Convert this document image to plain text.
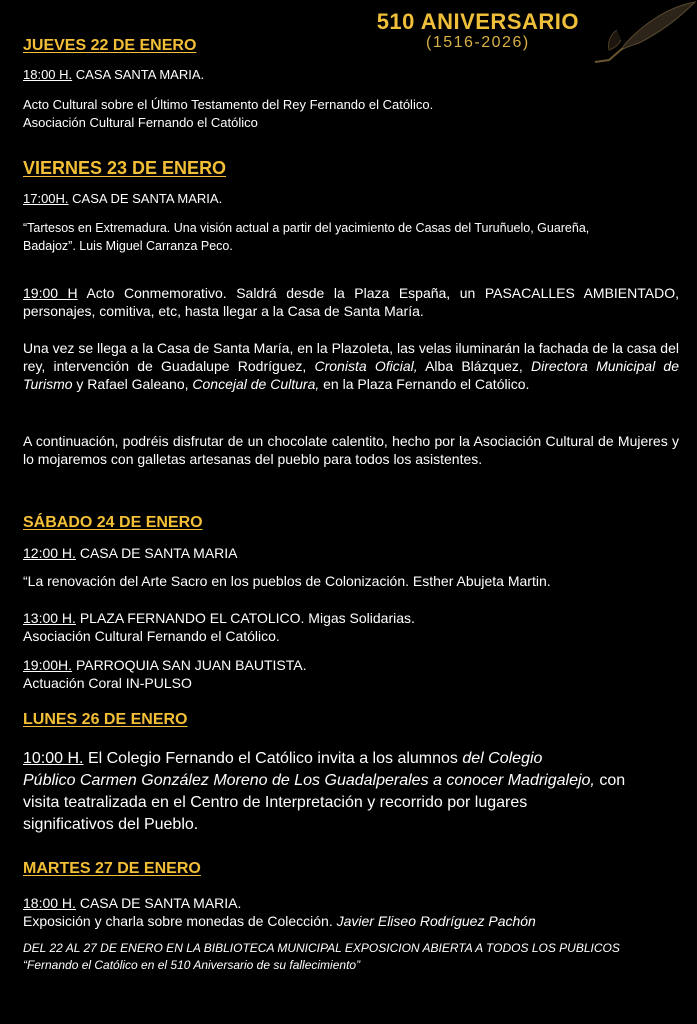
510 ANIVERSARIO
(1516-2026)
JUEVES 22 DE ENERO
18:00 H. CASA SANTA MARIA.
Acto Cultural sobre el Último Testamento del Rey Fernando el Católico.
Asociación Cultural Fernando el Católico
VIERNES 23 DE ENERO
17:00H. CASA DE SANTA MARIA.
“Tartesos en Extremadura. Una visión actual a partir del yacimiento de Casas del Turuñuelo, Guareña,
Badajoz”. Luis Miguel Carranza Peco.
19:00 H Acto Conmemorativo. Saldrá desde la Plaza España, un PASACALLES AMBIENTADO, personajes, comitiva, etc, hasta llegar a la Casa de Santa María.
Una vez se llega a la Casa de Santa María, en la Plazoleta, las velas iluminarán la fachada de la casa del rey, intervención de Guadalupe Rodríguez, Cronista Oficial, Alba Blázquez, Directora Municipal de Turismo y Rafael Galeano, Concejal de Cultura, en la Plaza Fernando el Católico.
A continuación, podréis disfrutar de un chocolate calentito, hecho por la Asociación Cultural de Mujeres y lo mojaremos con galletas artesanas del pueblo para todos los asistentes.
SÁBADO 24 DE ENERO
12:00 H. CASA DE SANTA MARIA
“La renovación del Arte Sacro en los pueblos de Colonización. Esther Abujeta Martin.
13:00 H. PLAZA FERNANDO EL CATOLICO. Migas Solidarias.
Asociación Cultural Fernando el Católico.
19:00H. PARROQUIA SAN JUAN BAUTISTA.
Actuación Coral IN-PULSO
LUNES 26 DE ENERO
10:00 H. El Colegio Fernando el Católico invita a los alumnos del Colegio
Público Carmen González Moreno de Los Guadalperales a conocer Madrigalejo, con
visita teatralizada en el Centro de Interpretación y recorrido por lugares
significativos del Pueblo.
MARTES 27 DE ENERO
18:00 H. CASA DE SANTA MARIA.
Exposición y charla sobre monedas de Colección. Javier Eliseo Rodríguez Pachón
DEL 22 AL 27 DE ENERO EN LA BIBLIOTECA MUNICIPAL EXPOSICION ABIERTA A TODOS LOS PUBLICOS
“Fernando el Católico en el 510 Aniversario de su fallecimiento”
